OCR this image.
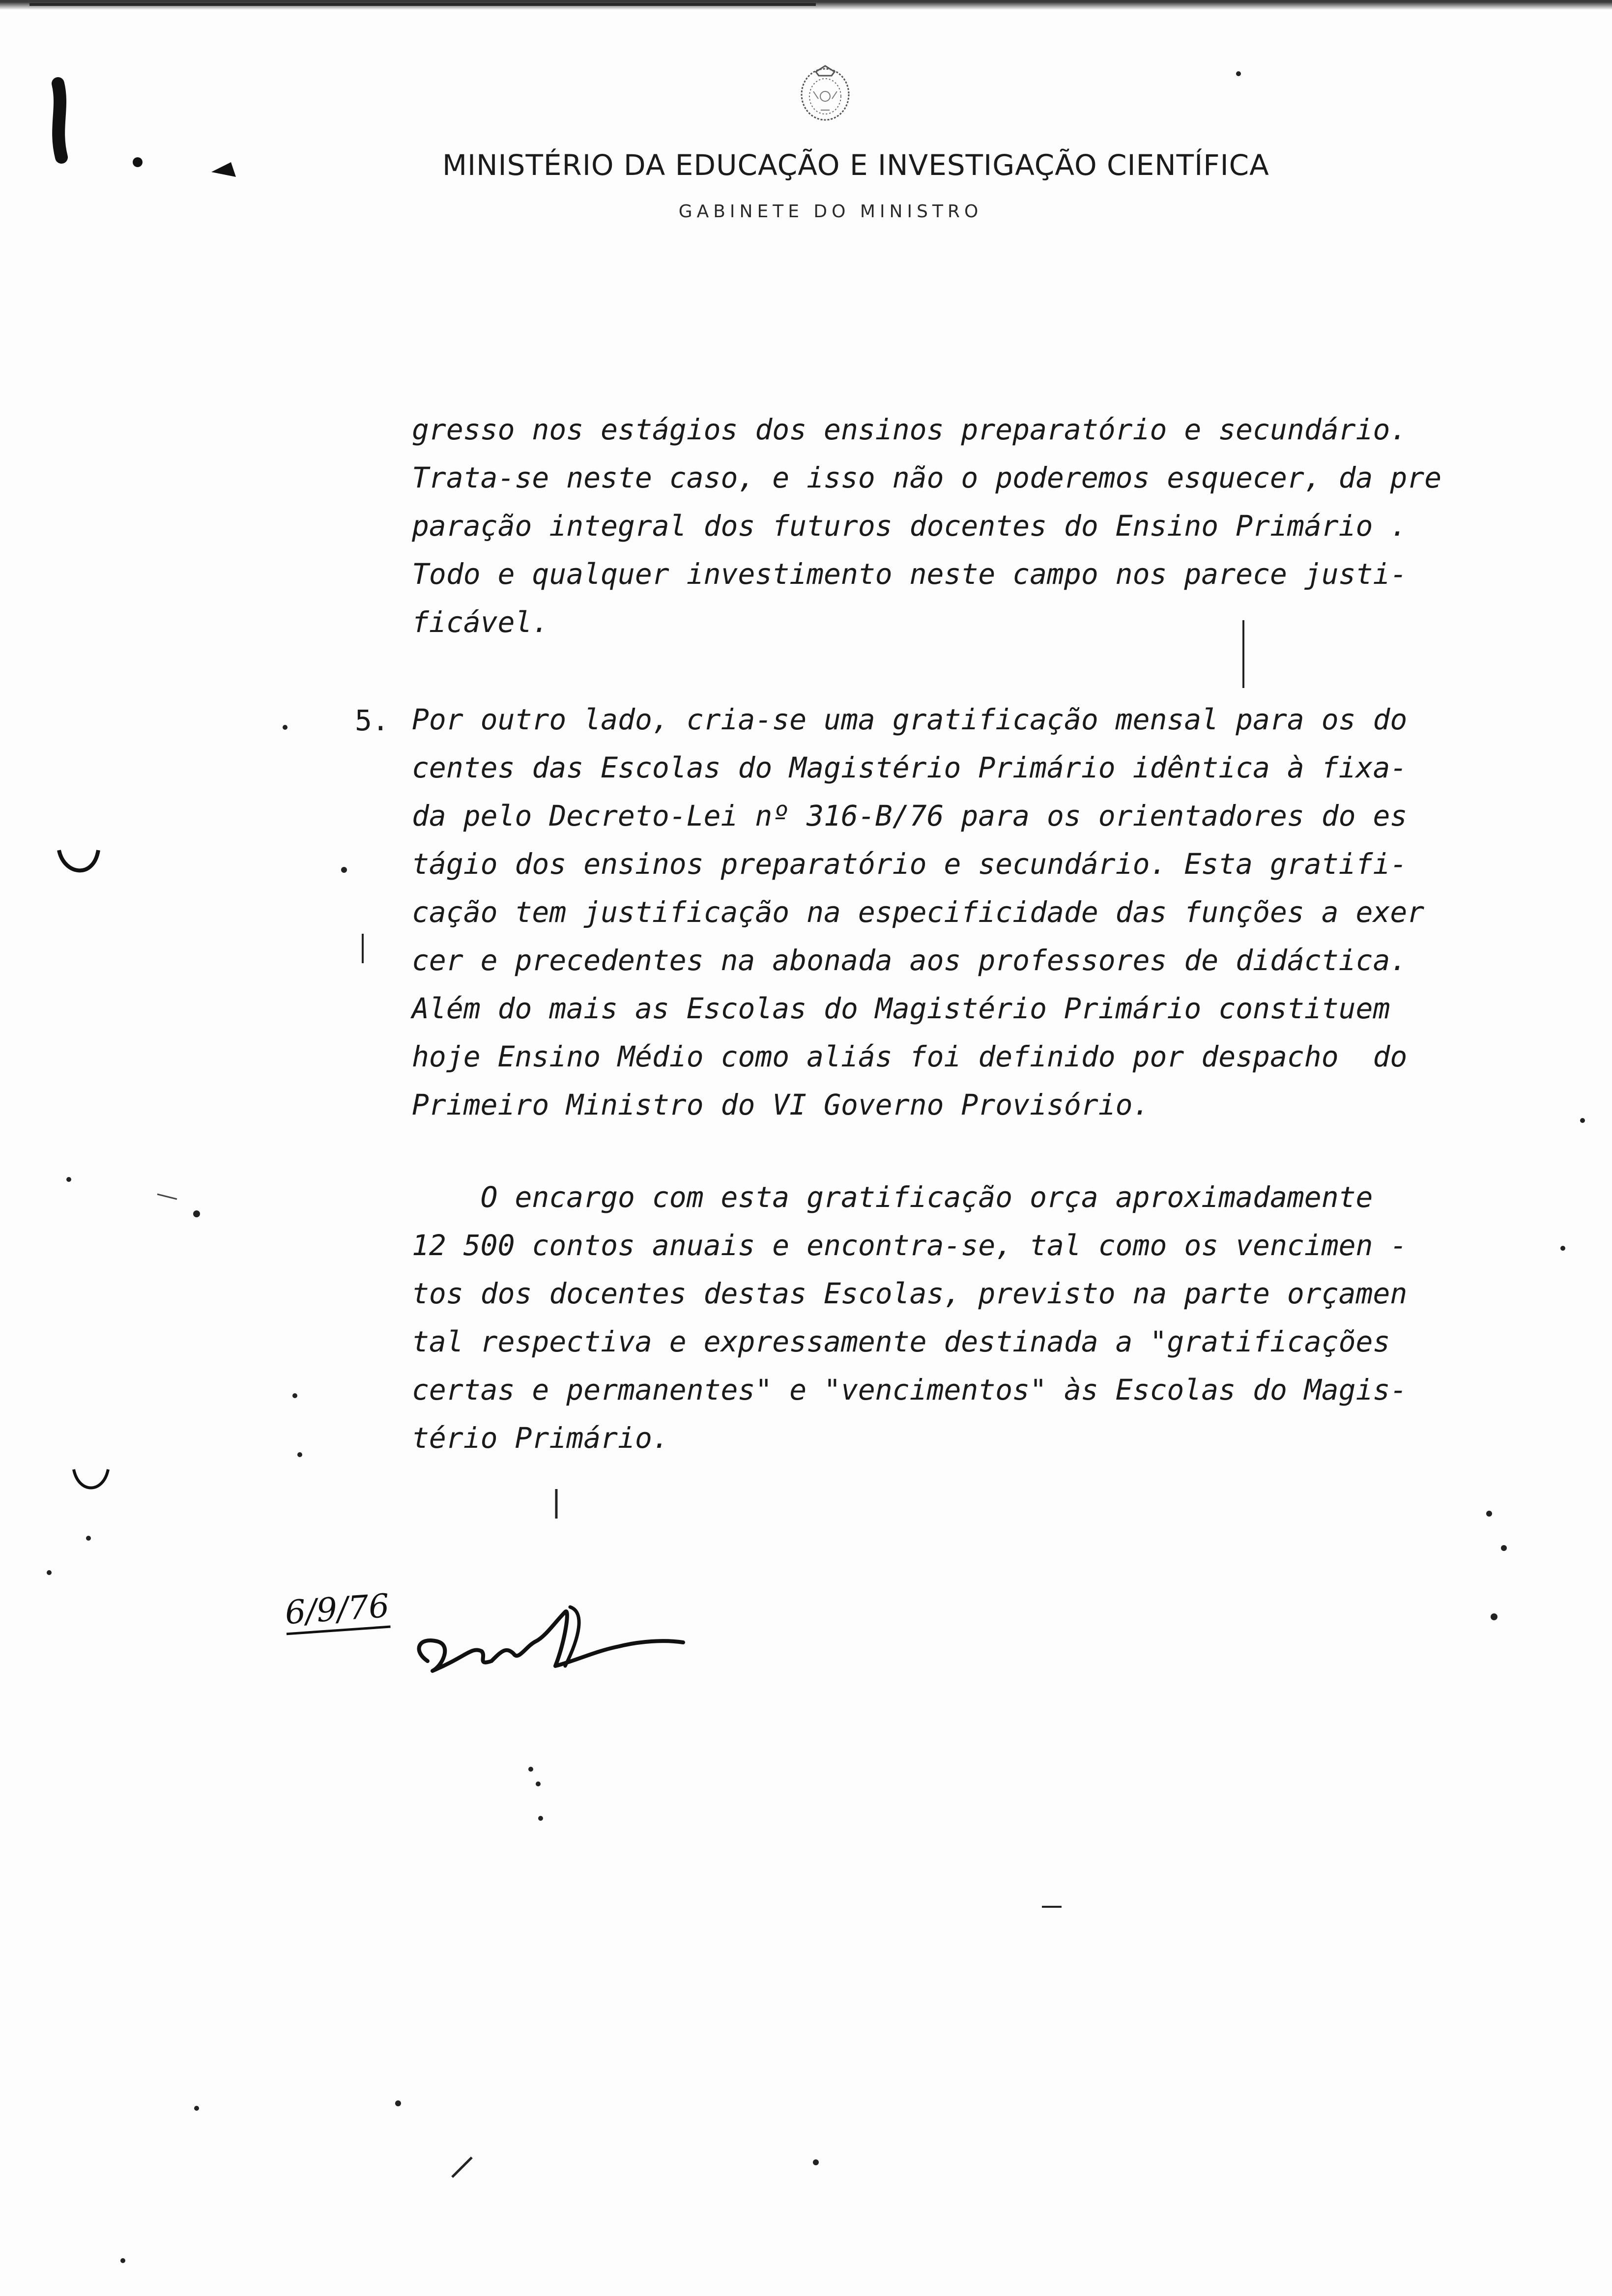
MINISTÉRIO DA EDUCAÇÃO E INVESTIGAÇÃO CIENTÍFICA
GABINETE DO MINISTRO
gresso nos estágios dos ensinos preparatório e secundário.
Trata-se neste caso, e isso não o poderemos esquecer, da pre
paração integral dos futuros docentes do Ensino Primário .
Todo e qualquer investimento neste campo nos parece justi-
ficável.
5. Por outro lado, cria-se uma gratificação mensal para os do
centes das Escolas do Magistério Primário idêntica à fixa-
da pelo Decreto-Lei nº 316-B/76 para os orientadores do es
tágio dos ensinos preparatório e secundário. Esta gratifi-
cação tem justificação na especificidade das funções a exer
cer e precedentes na abonada aos professores de didáctica.
Além do mais as Escolas do Magistério Primário constituem
hoje Ensino Médio como aliás foi definido por despacho  do
Primeiro Ministro do VI Governo Provisório.
O encargo com esta gratificação orça aproximadamente
12 500 contos anuais e encontra-se, tal como os vencimen -
tos dos docentes destas Escolas, previsto na parte orçamen
tal respectiva e expressamente destinada a "gratificações
certas e permanentes" e "vencimentos" às Escolas do Magis-
tério Primário.
6/9/76
